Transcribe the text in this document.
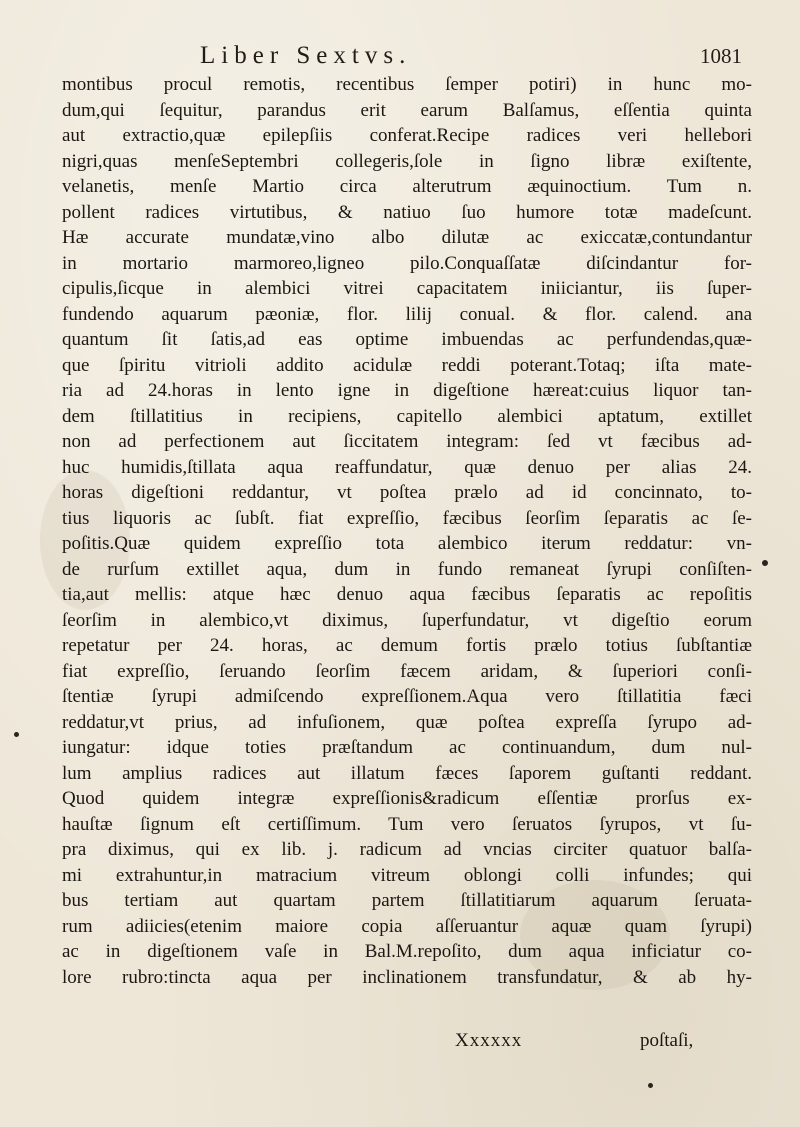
Liber Sextvs.	1081
montibus procul remotis, recentibus ſemper potiri) in hunc mo-
dum,qui ſequitur, parandus erit earum Balſamus, eſſentia quinta
aut extractio,quæ epilepſiis conferat.Recipe radices veri hellebori
nigri,quas menſeSeptembri collegeris,ſole in ſigno libræ exiſtente,
velanetis, menſe Martio circa alterutrum æquinoctium. Tum n.
pollent radices virtutibus, & natiuo ſuo humore totæ madeſcunt.
Hæ accurate mundatæ,vino albo dilutæ ac exiccatæ,contundantur
in mortario marmoreo,ligneo pilo.Conquaſſatæ diſcindantur for-
cipulis,ſicque in alembici vitrei capacitatem iniiciantur, iis ſuper-
fundendo aquarum pæoniæ, flor. lilij conual. & flor. calend. ana
quantum ſit ſatis,ad eas optime imbuendas ac perfundendas,quæ-
que ſpiritu vitrioli addito acidulæ reddi poterant.Totaq; iſta mate-
ria ad 24.horas in lento igne in digeſtione hæreat:cuius liquor tan-
dem ſtillatitius in recipiens, capitello alembici aptatum, extillet
non ad perfectionem aut ſiccitatem integram: ſed vt fæcibus ad-
huc humidis,ſtillata aqua reaffundatur, quæ denuo per alias 24.
horas digeſtioni reddantur, vt poſtea prælo ad id concinnato, to-
tius liquoris ac ſubſt. fiat expreſſio, fæcibus ſeorſim ſeparatis ac ſe-
poſitis.Quæ quidem expreſſio tota alembico iterum reddatur: vn-
de rurſum extillet aqua, dum in fundo remaneat ſyrupi conſiſten-
tia,aut mellis: atque hæc denuo aqua fæcibus ſeparatis ac repoſitis
ſeorſim in alembico,vt diximus, ſuperfundatur, vt digeſtio eorum
repetatur per 24. horas, ac demum fortis prælo totius ſubſtantiæ
fiat expreſſio, ſeruando ſeorſim fæcem aridam, & ſuperiori conſi-
ſtentiæ ſyrupi admiſcendo expreſſionem.Aqua vero ſtillatitia fæci
reddatur,vt prius, ad infuſionem, quæ poſtea expreſſa ſyrupo ad-
iungatur: idque toties præſtandum ac continuandum, dum nul-
lum amplius radices aut illatum fæces ſaporem guſtanti reddant.
Quod quidem integræ expreſſionis&radicum eſſentiæ prorſus ex-
hauſtæ ſignum eſt certiſſimum. Tum vero ſeruatos ſyrupos, vt ſu-
pra diximus, qui ex lib. j. radicum ad vncias circiter quatuor balſa-
mi extrahuntur,in matracium vitreum oblongi colli infundes; qui
bus tertiam aut quartam partem ſtillatitiarum aquarum ſeruata-
rum adiicies(etenim maiore copia aſſeruantur aquæ quam ſyrupi)
ac in digeſtionem vaſe in Bal.M.repoſito, dum aqua inficiatur co-
lore rubro:tincta aqua per inclinationem transfundatur, & ab hy-
Xxxxxx	poſtaſi,
